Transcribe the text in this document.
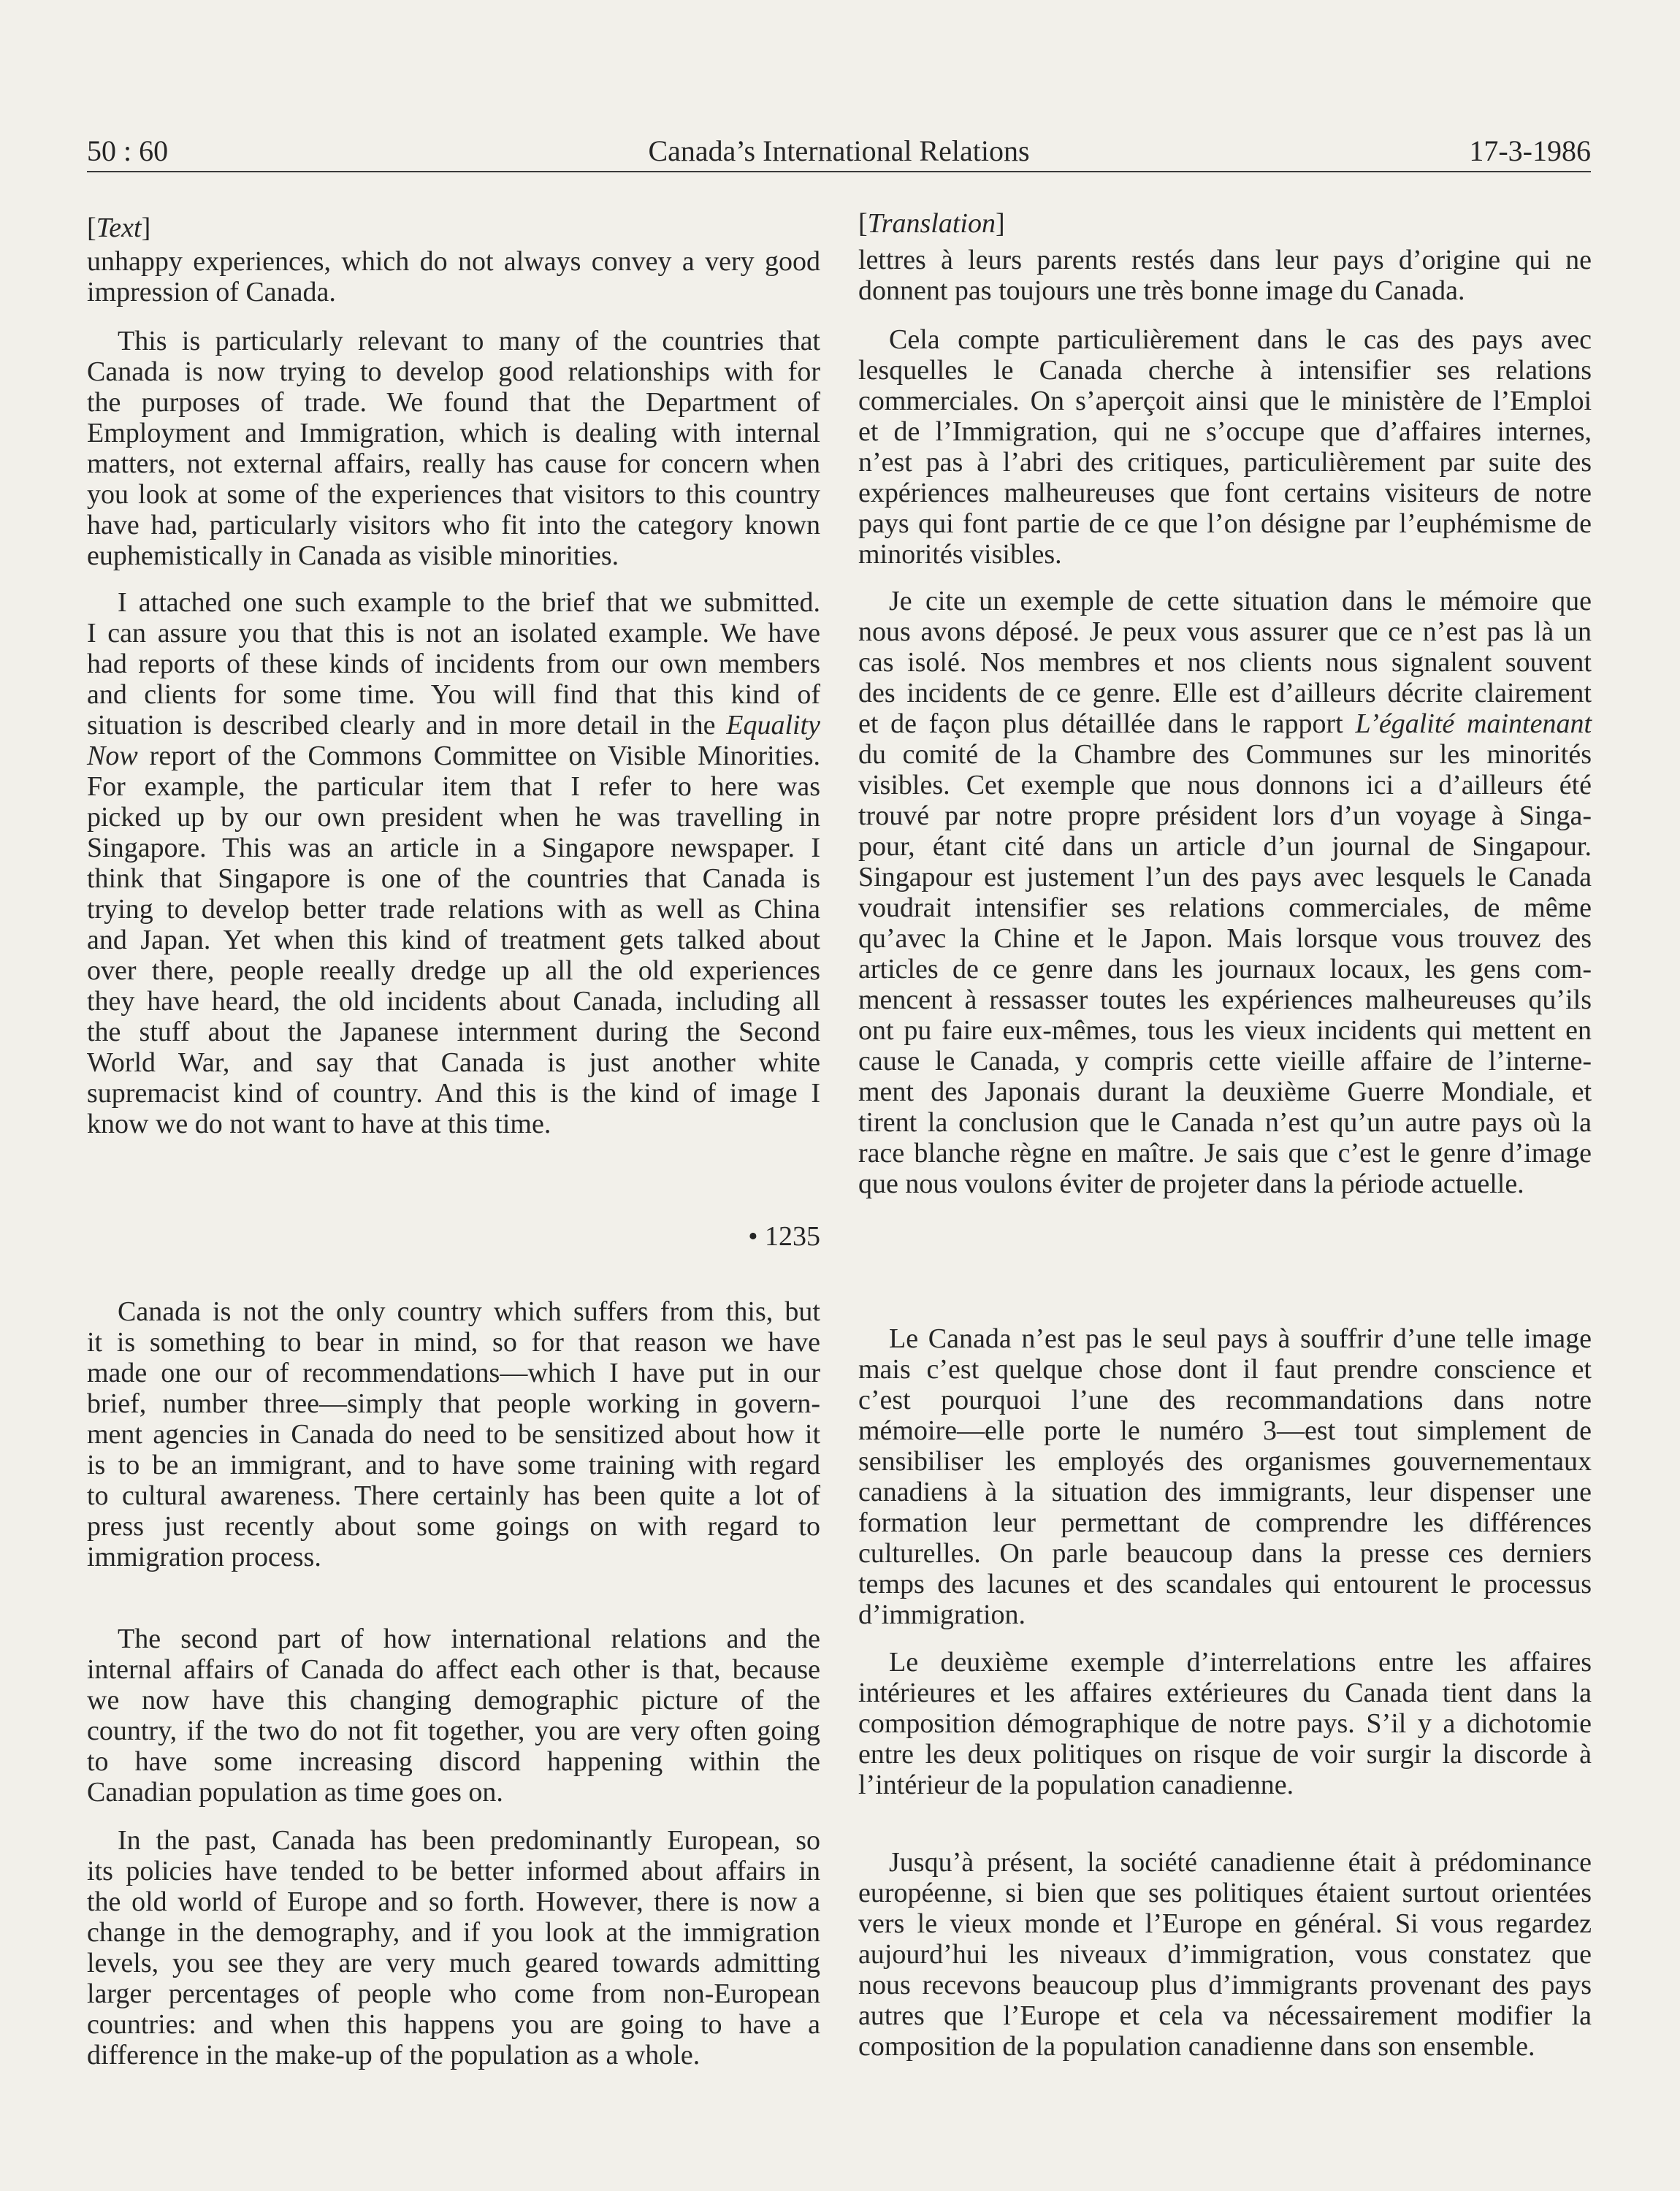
50 : 60	Canada’s International Relations	17-3-1986
[Text]
unhappy experiences, which do not always convey a very good
impression of Canada.
This is particularly relevant to many of the countries that
Canada is now trying to develop good relationships with for
the purposes of trade. We found that the Department of
Employment and Immigration, which is dealing with internal
matters, not external affairs, really has cause for concern when
you look at some of the experiences that visitors to this country
have had, particularly visitors who fit into the category known
euphemistically in Canada as visible minorities.
I attached one such example to the brief that we submitted.
I can assure you that this is not an isolated example. We have
had reports of these kinds of incidents from our own members
and clients for some time. You will find that this kind of
situation is described clearly and in more detail in the Equality
Now report of the Commons Committee on Visible Minorities.
For example, the particular item that I refer to here was
picked up by our own president when he was travelling in
Singapore. This was an article in a Singapore newspaper. I
think that Singapore is one of the countries that Canada is
trying to develop better trade relations with as well as China
and Japan. Yet when this kind of treatment gets talked about
over there, people reeally dredge up all the old experiences
they have heard, the old incidents about Canada, including all
the stuff about the Japanese internment during the Second
World War, and say that Canada is just another white
supremacist kind of country. And this is the kind of image I
know we do not want to have at this time.
• 1235
Canada is not the only country which suffers from this, but
it is something to bear in mind, so for that reason we have
made one our of recommendations—which I have put in our
brief, number three—simply that people working in govern-
ment agencies in Canada do need to be sensitized about how it
is to be an immigrant, and to have some training with regard
to cultural awareness. There certainly has been quite a lot of
press just recently about some goings on with regard to
immigration process.
The second part of how international relations and the
internal affairs of Canada do affect each other is that, because
we now have this changing demographic picture of the
country, if the two do not fit together, you are very often going
to have some increasing discord happening within the
Canadian population as time goes on.
In the past, Canada has been predominantly European, so
its policies have tended to be better informed about affairs in
the old world of Europe and so forth. However, there is now a
change in the demography, and if you look at the immigration
levels, you see they are very much geared towards admitting
larger percentages of people who come from non-European
countries: and when this happens you are going to have a
difference in the make-up of the population as a whole.
[Translation]
lettres à leurs parents restés dans leur pays d’origine qui ne
donnent pas toujours une très bonne image du Canada.
Cela compte particulièrement dans le cas des pays avec
lesquelles le Canada cherche à intensifier ses relations
commerciales. On s’aperçoit ainsi que le ministère de l’Emploi
et de l’Immigration, qui ne s’occupe que d’affaires internes,
n’est pas à l’abri des critiques, particulièrement par suite des
expériences malheureuses que font certains visiteurs de notre
pays qui font partie de ce que l’on désigne par l’euphémisme de
minorités visibles.
Je cite un exemple de cette situation dans le mémoire que
nous avons déposé. Je peux vous assurer que ce n’est pas là un
cas isolé. Nos membres et nos clients nous signalent souvent
des incidents de ce genre. Elle est d’ailleurs décrite clairement
et de façon plus détaillée dans le rapport L’égalité maintenant
du comité de la Chambre des Communes sur les minorités
visibles. Cet exemple que nous donnons ici a d’ailleurs été
trouvé par notre propre président lors d’un voyage à Singa-
pour, étant cité dans un article d’un journal de Singapour.
Singapour est justement l’un des pays avec lesquels le Canada
voudrait intensifier ses relations commerciales, de même
qu’avec la Chine et le Japon. Mais lorsque vous trouvez des
articles de ce genre dans les journaux locaux, les gens com-
mencent à ressasser toutes les expériences malheureuses qu’ils
ont pu faire eux-mêmes, tous les vieux incidents qui mettent en
cause le Canada, y compris cette vieille affaire de l’interne-
ment des Japonais durant la deuxième Guerre Mondiale, et
tirent la conclusion que le Canada n’est qu’un autre pays où la
race blanche règne en maître. Je sais que c’est le genre d’image
que nous voulons éviter de projeter dans la période actuelle.
Le Canada n’est pas le seul pays à souffrir d’une telle image
mais c’est quelque chose dont il faut prendre conscience et
c’est pourquoi l’une des recommandations dans notre
mémoire—elle porte le numéro 3—est tout simplement de
sensibiliser les employés des organismes gouvernementaux
canadiens à la situation des immigrants, leur dispenser une
formation leur permettant de comprendre les différences
culturelles. On parle beaucoup dans la presse ces derniers
temps des lacunes et des scandales qui entourent le processus
d’immigration.
Le deuxième exemple d’interrelations entre les affaires
intérieures et les affaires extérieures du Canada tient dans la
composition démographique de notre pays. S’il y a dichotomie
entre les deux politiques on risque de voir surgir la discorde à
l’intérieur de la population canadienne.
Jusqu’à présent, la société canadienne était à prédominance
européenne, si bien que ses politiques étaient surtout orientées
vers le vieux monde et l’Europe en général. Si vous regardez
aujourd’hui les niveaux d’immigration, vous constatez que
nous recevons beaucoup plus d’immigrants provenant des pays
autres que l’Europe et cela va nécessairement modifier la
composition de la population canadienne dans son ensemble.
